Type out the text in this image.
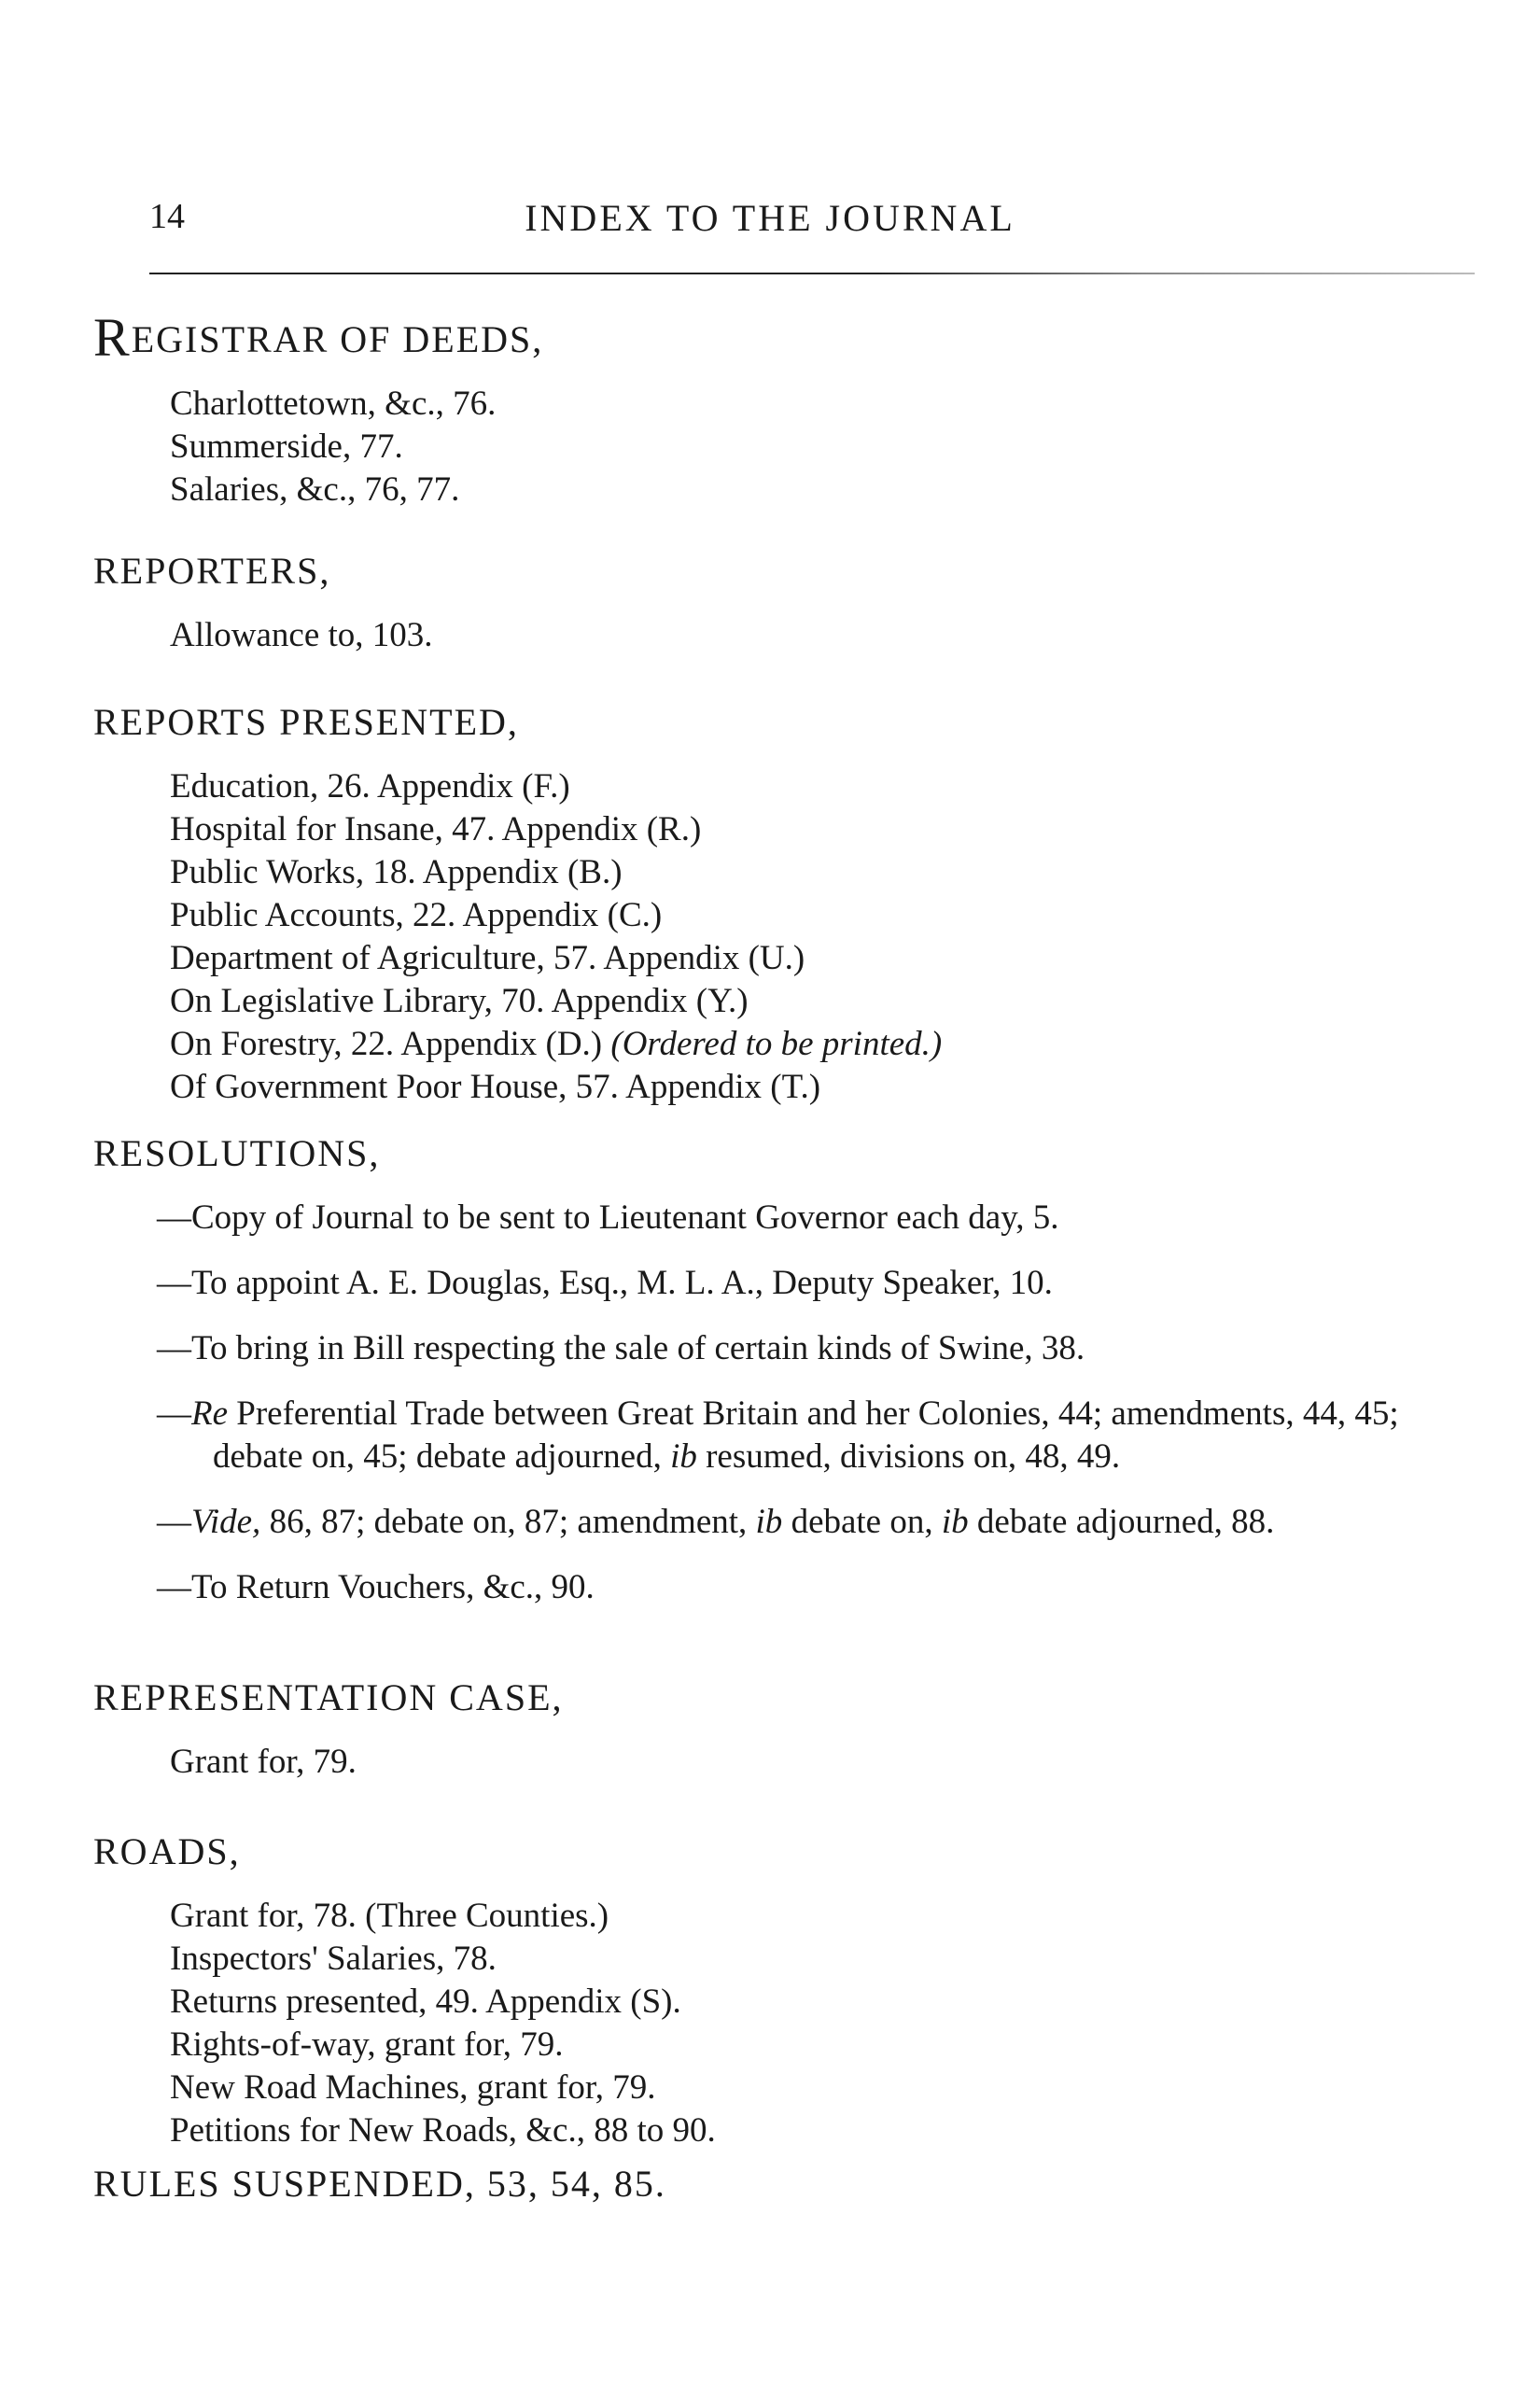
INDEX TO THE JOURNAL
14
REGISTRAR OF DEEDS,
Charlottetown, &c., 76.
Summerside, 77.
Salaries, &c., 76, 77.
REPORTERS,
Allowance to, 103.
REPORTS PRESENTED,
Education, 26. Appendix (F.)
Hospital for Insane, 47. Appendix (R.)
Public Works, 18. Appendix (B.)
Public Accounts, 22. Appendix (C.)
Department of Agriculture, 57. Appendix (U.)
On Legislative Library, 70. Appendix (Y.)
On Forestry, 22. Appendix (D.) (Ordered to be printed.)
Of Government Poor House, 57. Appendix (T.)
RESOLUTIONS,
—Copy of Journal to be sent to Lieutenant Governor each day, 5.
—To appoint A. E. Douglas, Esq., M. L. A., Deputy Speaker, 10.
—To bring in Bill respecting the sale of certain kinds of Swine, 38.
—Re Preferential Trade between Great Britain and her Colonies, 44; amendments, 44, 45; debate on, 45; debate adjourned, ib resumed, divisions on, 48, 49.
—Vide, 86, 87; debate on, 87; amendment, ib debate on, ib debate adjourned, 88.
—To Return Vouchers, &c., 90.
REPRESENTATION CASE,
Grant for, 79.
ROADS,
Grant for, 78. (Three Counties.)
Inspectors' Salaries, 78.
Returns presented, 49. Appendix (S).
Rights-of-way, grant for, 79.
New Road Machines, grant for, 79.
Petitions for New Roads, &c., 88 to 90.
RULES SUSPENDED, 53, 54, 85.
